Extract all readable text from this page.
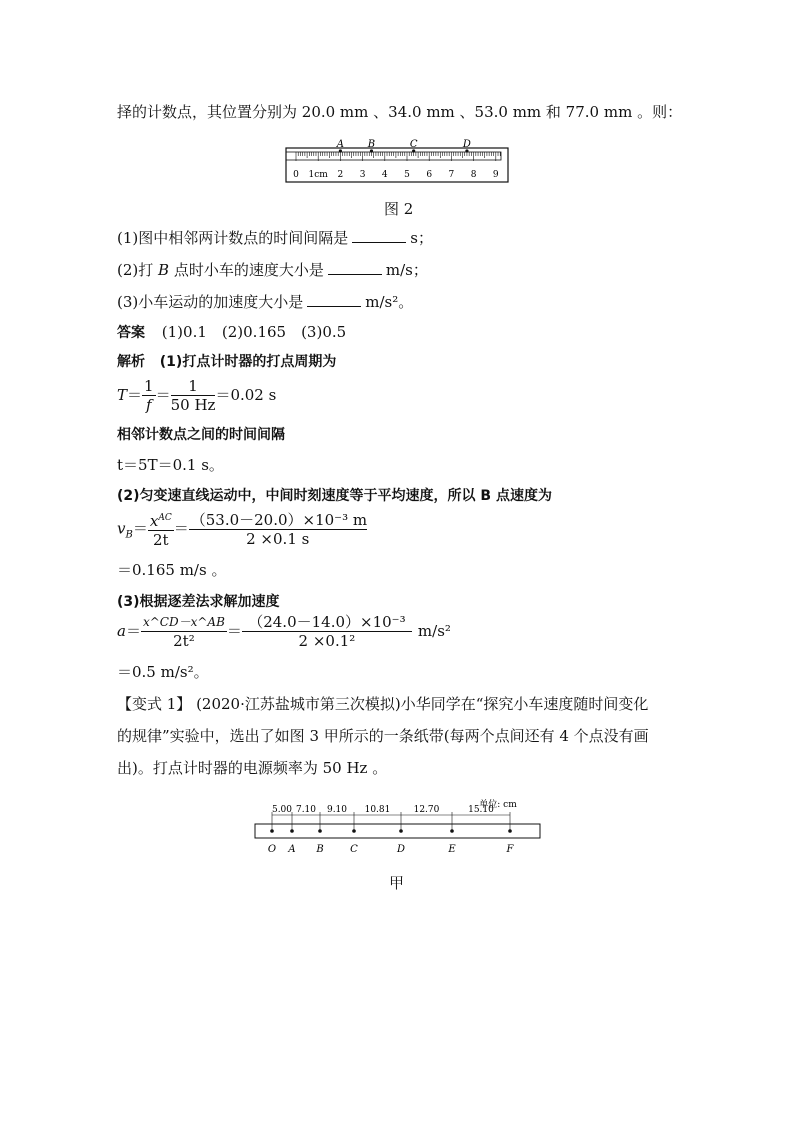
择的计数点，其位置分别为 20.0 mm 、34.0 mm 、53.0 mm 和 77.0 mm 。则：
0 1cm 2 3 4 5 6 7 8 9
A B	C	D
图 2
(1)图中相邻两计数点的时间间隔是	s；
(2)打 B 点时小车的速度大小是	m/s；
(3)小车运动的加速度大小是	m/s²。
答案 (1)0.1　(2)0.165　(3)0.5
解析 (1)打点计时器的打点周期为
$T= \frac{1}{f} = \frac{1}{50 Hz} =0.02$ s
相邻计数点之间的时间间隔
t＝5T＝0.1 s。
(2)匀变速直线运动中，中间时刻速度等于平均速度，所以 B 点速度为
$v_B= \frac{x^{AC}}{2t} = \frac{\text{（53.0－20.0）×10⁻³ m}}{2 \times 0.1 s}$
＝0.165 m/s 。
(3)根据逐差法求解加速度
$a= \frac{x\^{}CD-x\^{}AB}{\text{2t²}} = \frac{\text{（24.0－14.0）×10⁻³}}{\text{2 ×0.1²}} m/s^2$
＝0.5 m/s²。
【变式 1】 (2020·江苏盐城市第三次模拟)小华同学在“探究小车速度随时间变化
的规律”实验中，选出了如图 3 甲所示的一条纸带(每两个点间还有 4 个点没有画
出)。打点计时器的电源频率为 50 Hz 。
单位: cm
5.00 7.10 9.10 10.81	12.70	15.10
O A B	C	D	E	F
甲
